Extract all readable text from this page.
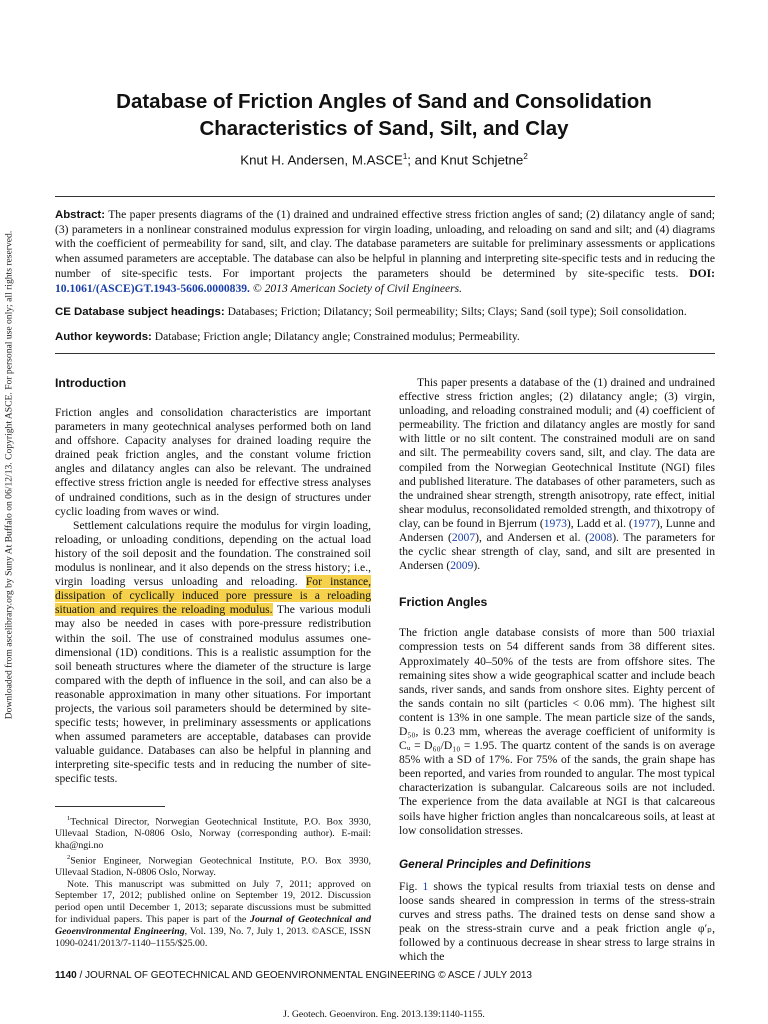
Downloaded from ascelibrary.org by Suny At Buffalo on 06/12/13. Copyright ASCE. For personal use only; all rights reserved.
Database of Friction Angles of Sand and Consolidation
Characteristics of Sand, Silt, and Clay
Knut H. Andersen, M.ASCE$^1$; and Knut Schjetne$^2$
Abstract: The paper presents diagrams of the (1) drained and undrained effective stress friction angles of sand; (2) dilatancy angle of sand; (3) parameters in a nonlinear constrained modulus expression for virgin loading, unloading, and reloading on sand and silt; and (4) diagrams with the coefficient of permeability for sand, silt, and clay. The database parameters are suitable for preliminary assessments or applications when assumed parameters are acceptable. The database can also be helpful in planning and interpreting site-specific tests and in reducing the number of site-specific tests. For important projects the parameters should be determined by site-specific tests. DOI: 10.1061/(ASCE)GT.1943-5606.0000839. © 2013 American Society of Civil Engineers.
CE Database subject headings: Databases; Friction; Dilatancy; Soil permeability; Silts; Clays; Sand (soil type); Soil consolidation.
Author keywords: Database; Friction angle; Dilatancy angle; Constrained modulus; Permeability.

Introduction

Friction angles and consolidation characteristics are important parameters in many geotechnical analyses performed both on land and offshore. Capacity analyses for drained loading require the drained peak friction angles, and the constant volume friction angles and dilatancy angles can also be relevant. The undrained effective stress friction angle is needed for effective stress analyses of undrained conditions, such as in the design of structures under cyclic loading from waves or wind.

Settlement calculations require the modulus for virgin loading, reloading, or unloading conditions, depending on the actual load history of the soil deposit and the foundation. The constrained soil modulus is nonlinear, and it also depends on the stress history; i.e., virgin loading versus unloading and reloading. For instance, dissipation of cyclically induced pore pressure is a reloading situation and requires the reloading modulus. The various moduli may also be needed in cases with pore-pressure redistribution within the soil. The use of constrained modulus assumes one-dimensional (1D) conditions. This is a realistic assumption for the soil beneath structures where the diameter of the structure is large compared with the depth of influence in the soil, and can also be a reasonable approximation in many other situations. For important projects, the various soil parameters should be determined by site-specific tests; however, in preliminary assessments or applications when assumed parameters are acceptable, databases can provide valuable guidance. Databases can also be helpful in planning and interpreting site-specific tests and in reducing the number of site-specific tests.

$^1$Technical Director, Norwegian Geotechnical Institute, P.O. Box 3930, Ullevaal Stadion, N-0806 Oslo, Norway (corresponding author). E-mail: kha@ngi.no

$^2$Senior Engineer, Norwegian Geotechnical Institute, P.O. Box 3930, Ullevaal Stadion, N-0806 Oslo, Norway.

Note. This manuscript was submitted on July 7, 2011; approved on September 17, 2012; published online on September 19, 2012. Discussion period open until December 1, 2013; separate discussions must be submitted for individual papers. This paper is part of the Journal of Geotechnical and Geoenvironmental Engineering, Vol. 139, No. 7, July 1, 2013. ©ASCE, ISSN 1090-0241/2013/7-1140–1155/$25.00.

This paper presents a database of the (1) drained and undrained effective stress friction angles; (2) dilatancy angle; (3) virgin, unloading, and reloading constrained moduli; and (4) coefficient of permeability. The friction and dilatancy angles are mostly for sand with little or no silt content. The constrained moduli are on sand and silt. The permeability covers sand, silt, and clay. The data are compiled from the Norwegian Geotechnical Institute (NGI) files and published literature. The databases of other parameters, such as the undrained shear strength, strength anisotropy, rate effect, initial shear modulus, reconsolidated remolded strength, and thixotropy of clay, can be found in Bjerrum (1973), Ladd et al. (1977), Lunne and Andersen (2007), and Andersen et al. (2008). The parameters for the cyclic shear strength of clay, sand, and silt are presented in Andersen (2009).

Friction Angles

The friction angle database consists of more than 500 triaxial compression tests on 54 different sands from 38 different sites. Approximately 40–50% of the tests are from offshore sites. The remaining sites show a wide geographical scatter and include beach sands, river sands, and sands from onshore sites. Eighty percent of the sands contain no silt (particles < 0.06 mm). The highest silt content is 13% in one sample. The mean particle size of the sands, D₅₀, is 0.23 mm, whereas the average coefficient of uniformity is Cᵤ = D₆₀/D₁₀ = 1.95. The quartz content of the sands is on average 85% with a SD of 17%. For 75% of the sands, the grain shape has been reported, and varies from rounded to angular. The most typical characterization is subangular. Calcareous soils are not included. The experience from the data available at NGI is that calcareous soils have higher friction angles than noncalcareous soils, at least at low consolidation stresses.

General Principles and Definitions

Fig. 1 shows the typical results from triaxial tests on dense and loose sands sheared in compression in terms of the stress-strain curves and stress paths. The drained tests on dense sand show a peak on the stress-strain curve and a peak friction angle φ′ₚ, followed by a continuous decrease in shear stress to large strains in which the

1140 / JOURNAL OF GEOTECHNICAL AND GEOENVIRONMENTAL ENGINEERING © ASCE / JULY 2013
J. Geotech. Geoenviron. Eng. 2013.139:1140-1155.
